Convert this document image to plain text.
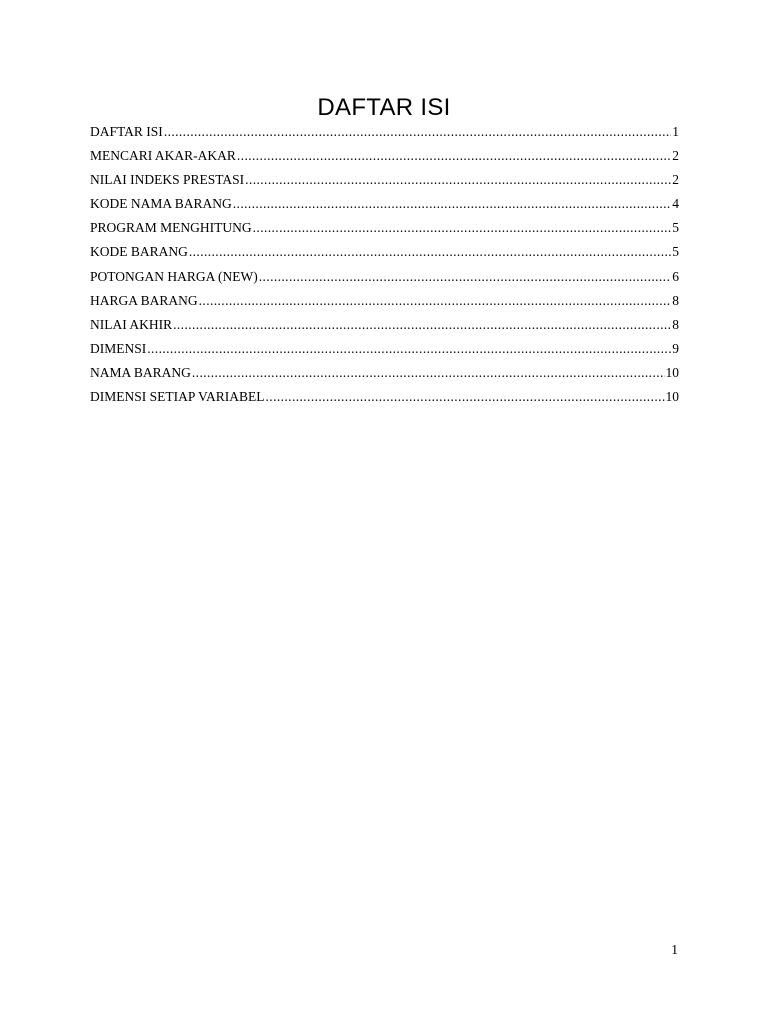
DAFTAR ISI
DAFTAR ISI .....	1
MENCARI AKAR-AKAR .....	2
NILAI INDEKS PRESTASI .....	2
KODE NAMA BARANG .....	4
PROGRAM MENGHITUNG .....	5
KODE BARANG .....	5
POTONGAN HARGA (NEW) .....	6
HARGA BARANG .....	8
NILAI AKHIR .....	8
DIMENSI .....	9
NAMA BARANG .....	10
DIMENSI SETIAP VARIABEL .....	10
1
